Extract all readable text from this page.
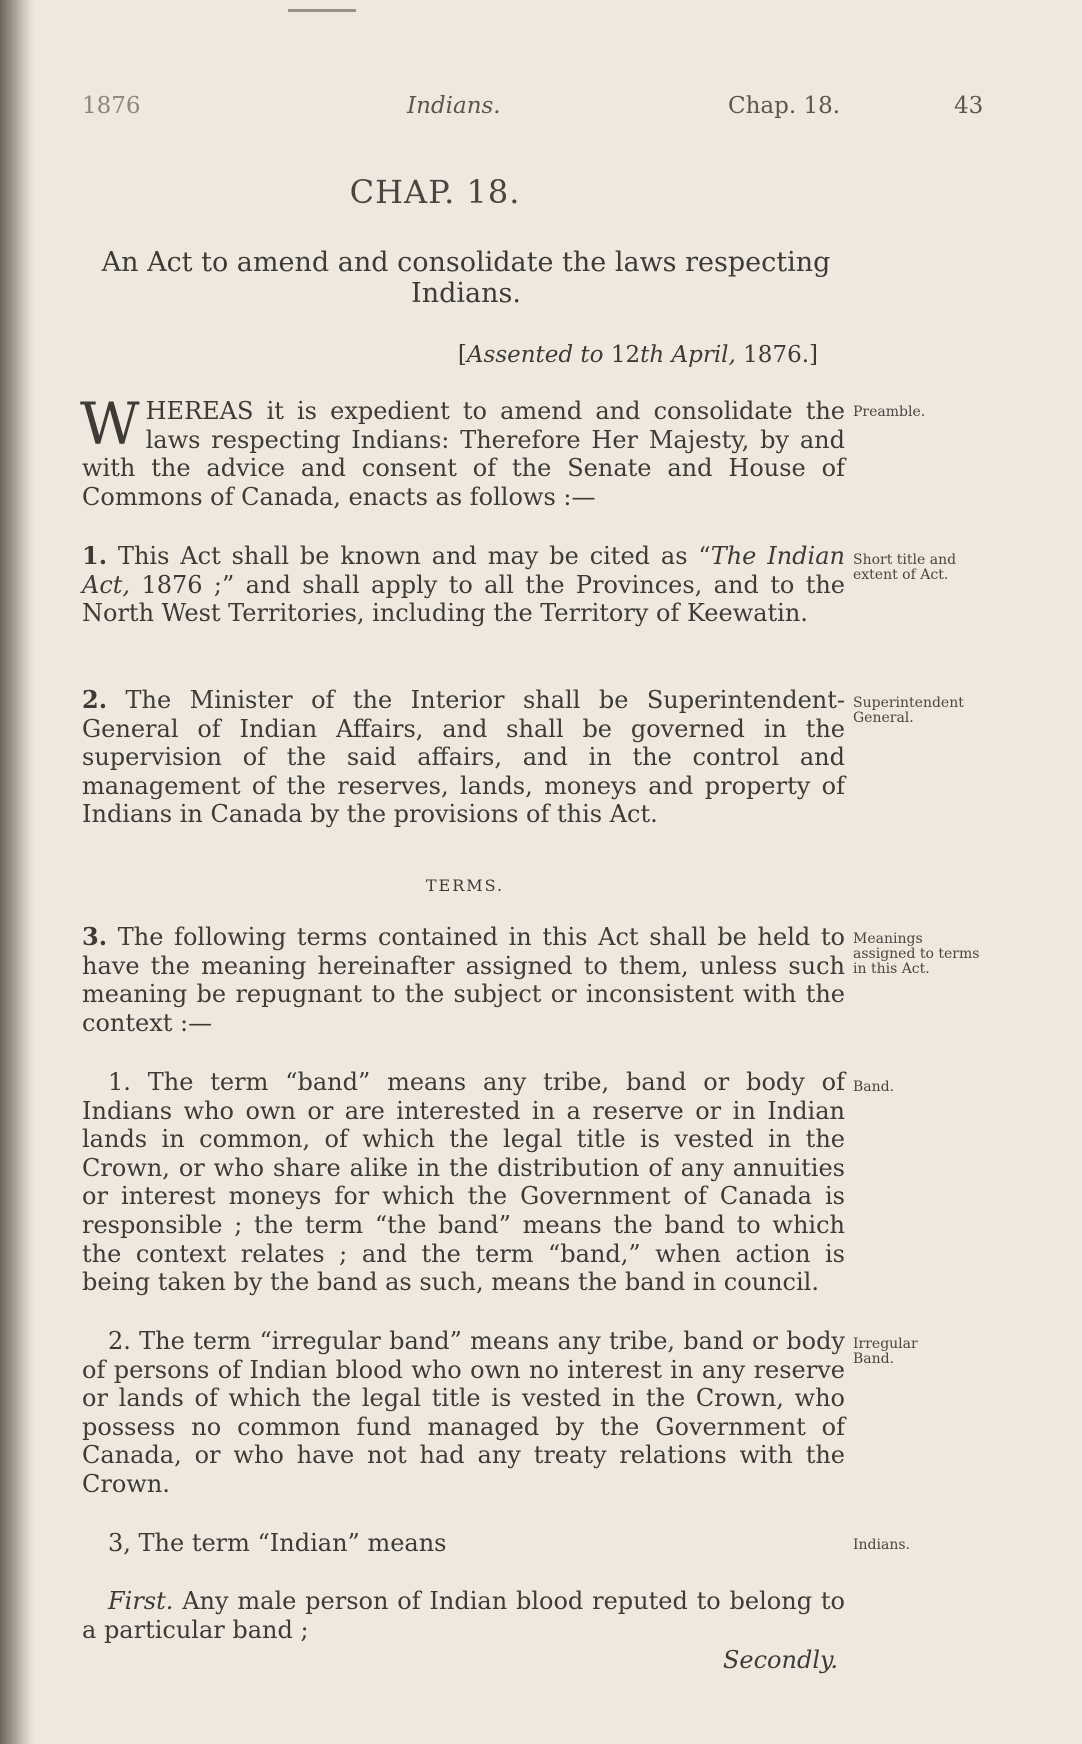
1876	Indians.	Chap. 18.	43
CHAP. 18.
An Act to amend and consolidate the laws respecting Indians.
[Assented to 12th April, 1876.]
WHEREAS it is expedient to amend and consolidate the laws respecting Indians: Therefore Her Majesty, by and with the advice and consent of the Senate and House of Commons of Canada, enacts as follows :—
Preamble.
1. This Act shall be known and may be cited as “The Indian Act, 1876 ;” and shall apply to all the Provinces, and to the North West Territories, including the Territory of Keewatin.
Short title and extent of Act.
2. The Minister of the Interior shall be Superintendent-General of Indian Affairs, and shall be governed in the supervision of the said affairs, and in the control and management of the reserves, lands, moneys and property of Indians in Canada by the provisions of this Act.
Superintendent General.
TERMS.
3. The following terms contained in this Act shall be held to have the meaning hereinafter assigned to them, unless such meaning be repugnant to the subject or inconsistent with the context :—
Meanings assigned to terms in this Act.
1. The term “band” means any tribe, band or body of Indians who own or are interested in a reserve or in Indian lands in common, of which the legal title is vested in the Crown, or who share alike in the distribution of any annuities or interest moneys for which the Government of Canada is responsible ; the term “the band” means the band to which the context relates ; and the term “band,” when action is being taken by the band as such, means the band in council.
Band.
2. The term “irregular band” means any tribe, band or body of persons of Indian blood who own no interest in any reserve or lands of which the legal title is vested in the Crown, who possess no common fund managed by the Government of Canada, or who have not had any treaty relations with the Crown.
Irregular Band.
3, The term “Indian” means	Indians.
First. Any male person of Indian blood reputed to belong to a particular band ;
Secondly.
